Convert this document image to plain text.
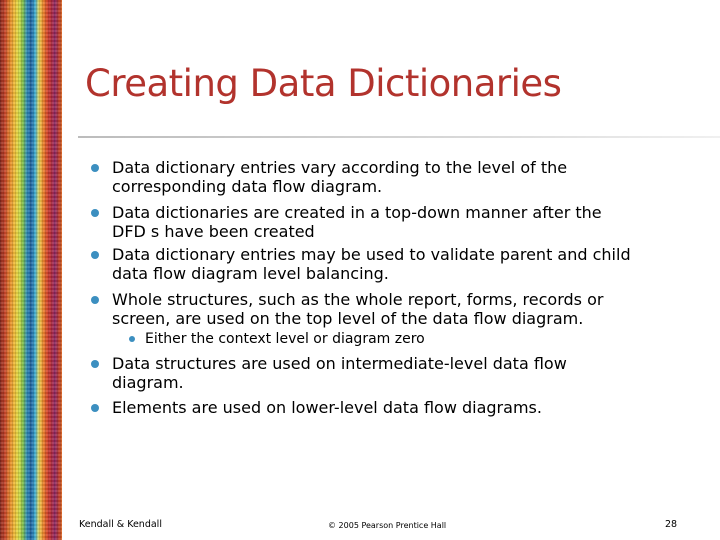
Creating Data Dictionaries
Data dictionary entries vary according to the level of the
corresponding data flow diagram.
Data dictionaries are created in a top-down manner after the
DFD s have been created
Data dictionary entries may be used to validate parent and child
data flow diagram level balancing.
Whole structures, such as the whole report, forms, records or
screen, are used on the top level of the data flow diagram.
Either the context level or diagram zero
Data structures are used on intermediate-level data flow
diagram.
Elements are used on lower-level data flow diagrams.
Kendall & Kendall	© 2005 Pearson Prentice Hall	28
